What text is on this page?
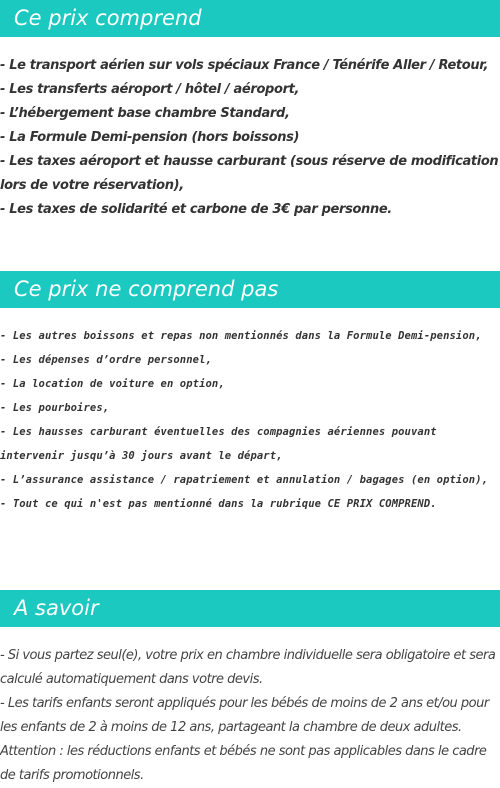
Ce prix comprend
- Le transport aérien sur vols spéciaux France / Ténérife Aller / Retour,
- Les transferts aéroport / hôtel / aéroport,
- L’hébergement base chambre Standard,
- La Formule Demi-pension (hors boissons)
- Les taxes aéroport et hausse carburant (sous réserve de modification lors de votre réservation),
- Les taxes de solidarité et carbone de 3€ par personne.
Ce prix ne comprend pas
- Les autres boissons et repas non mentionnés dans la Formule Demi-pension,
- Les dépenses d’ordre personnel,
- La location de voiture en option,
- Les pourboires,
- Les hausses carburant éventuelles des compagnies aériennes pouvant intervenir jusqu’à 30 jours avant le départ,
- L’assurance assistance / rapatriement et annulation / bagages (en option),
- Tout ce qui n'est pas mentionné dans la rubrique CE PRIX COMPREND.
A savoir
- Si vous partez seul(e), votre prix en chambre individuelle sera obligatoire et sera calculé automatiquement dans votre devis.
- Les tarifs enfants seront appliqués pour les bébés de moins de 2 ans et/ou pour les enfants de 2 à moins de 12 ans, partageant la chambre de deux adultes.
Attention : les réductions enfants et bébés ne sont pas applicables dans le cadre de tarifs promotionnels.
